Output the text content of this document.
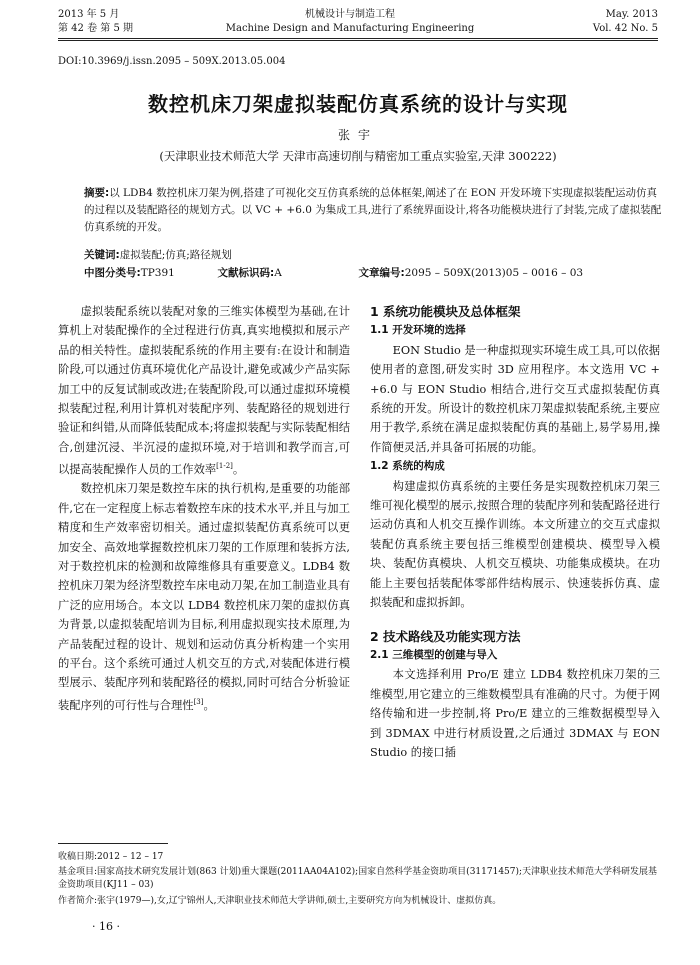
2013 年 5 月
第 42 卷 第 5 期
机械设计与制造工程
Machine Design and Manufacturing Engineering
May. 2013
Vol. 42 No. 5
DOI:10.3969/j.issn.2095 – 509X.2013.05.004
数控机床刀架虚拟装配仿真系统的设计与实现
张宇
(天津职业技术师范大学 天津市高速切削与精密加工重点实验室,天津 300222)
摘要:以 LDB4 数控机床刀架为例,搭建了可视化交互仿真系统的总体框架,阐述了在 EON 开发环境下实现虚拟装配运动仿真的过程以及装配路径的规划方式。以 VC + +6.0 为集成工具,进行了系统界面设计,将各功能模块进行了封装,完成了虚拟装配仿真系统的开发。
关键词:虚拟装配;仿真;路径规划
中图分类号:TP391	文献标识码:A	文章编号:2095 – 509X(2013)05 – 0016 – 03

虚拟装配系统以装配对象的三维实体模型为基础,在计算机上对装配操作的全过程进行仿真,真实地模拟和展示产品的相关特性。虚拟装配系统的作用主要有:在设计和制造阶段,可以通过仿真环境优化产品设计,避免或减少产品实际加工中的反复试制或改进;在装配阶段,可以通过虚拟环境模拟装配过程,利用计算机对装配序列、装配路径的规划进行验证和纠错,从而降低装配成本;将虚拟装配与实际装配相结合,创建沉浸、半沉浸的虚拟环境,对于培训和教学而言,可以提高装配操作人员的工作效率[1-2]。

数控机床刀架是数控车床的执行机构,是重要的功能部件,它在一定程度上标志着数控车床的技术水平,并且与加工精度和生产效率密切相关。通过虚拟装配仿真系统可以更加安全、高效地掌握数控机床刀架的工作原理和装拆方法,对于数控机床的检测和故障维修具有重要意义。LDB4 数控机床刀架为经济型数控车床电动刀架,在加工制造业具有广泛的应用场合。本文以 LDB4 数控机床刀架的虚拟仿真为背景,以虚拟装配培训为目标,利用虚拟现实技术原理,为产品装配过程的设计、规划和运动仿真分析构建一个实用的平台。这个系统可通过人机交互的方式,对装配体进行模型展示、装配序列和装配路径的模拟,同时可结合分析验证装配序列的可行性与合理性[3]。

1 系统功能模块及总体框架

1.1 开发环境的选择

EON Studio 是一种虚拟现实环境生成工具,可以依据使用者的意图,研发实时 3D 应用程序。本文选用 VC + +6.0 与 EON Studio 相结合,进行交互式虚拟装配仿真系统的开发。所设计的数控机床刀架虚拟装配系统,主要应用于教学,系统在满足虚拟装配仿真的基础上,易学易用,操作简便灵活,并具备可拓展的功能。

1.2 系统的构成

构建虚拟仿真系统的主要任务是实现数控机床刀架三维可视化模型的展示,按照合理的装配序列和装配路径进行运动仿真和人机交互操作训练。本文所建立的交互式虚拟装配仿真系统主要包括三维模型创建模块、模型导入模块、装配仿真模块、人机交互模块、功能集成模块。在功能上主要包括装配体零部件结构展示、快速装拆仿真、虚拟装配和虚拟拆卸。

2 技术路线及功能实现方法

2.1 三维模型的创建与导入

本文选择利用 Pro/E 建立 LDB4 数控机床刀架的三维模型,用它建立的三维数模型具有准确的尺寸。为便于网络传输和进一步控制,将 Pro/E 建立的三维数据模型导入到 3DMAX 中进行材质设置,之后通过 3DMAX 与 EON Studio 的接口插

收稿日期:2012 – 12 – 17
基金项目:国家高技术研究发展计划(863 计划)重大课题(2011AA04A102);国家自然科学基金资助项目(31171457);天津职业技术师范大学科研发展基金资助项目(KJ11 – 03)
作者简介:张宇(1979—),女,辽宁锦州人,天津职业技术师范大学讲师,硕士,主要研究方向为机械设计、虚拟仿真。
· 16 ·
